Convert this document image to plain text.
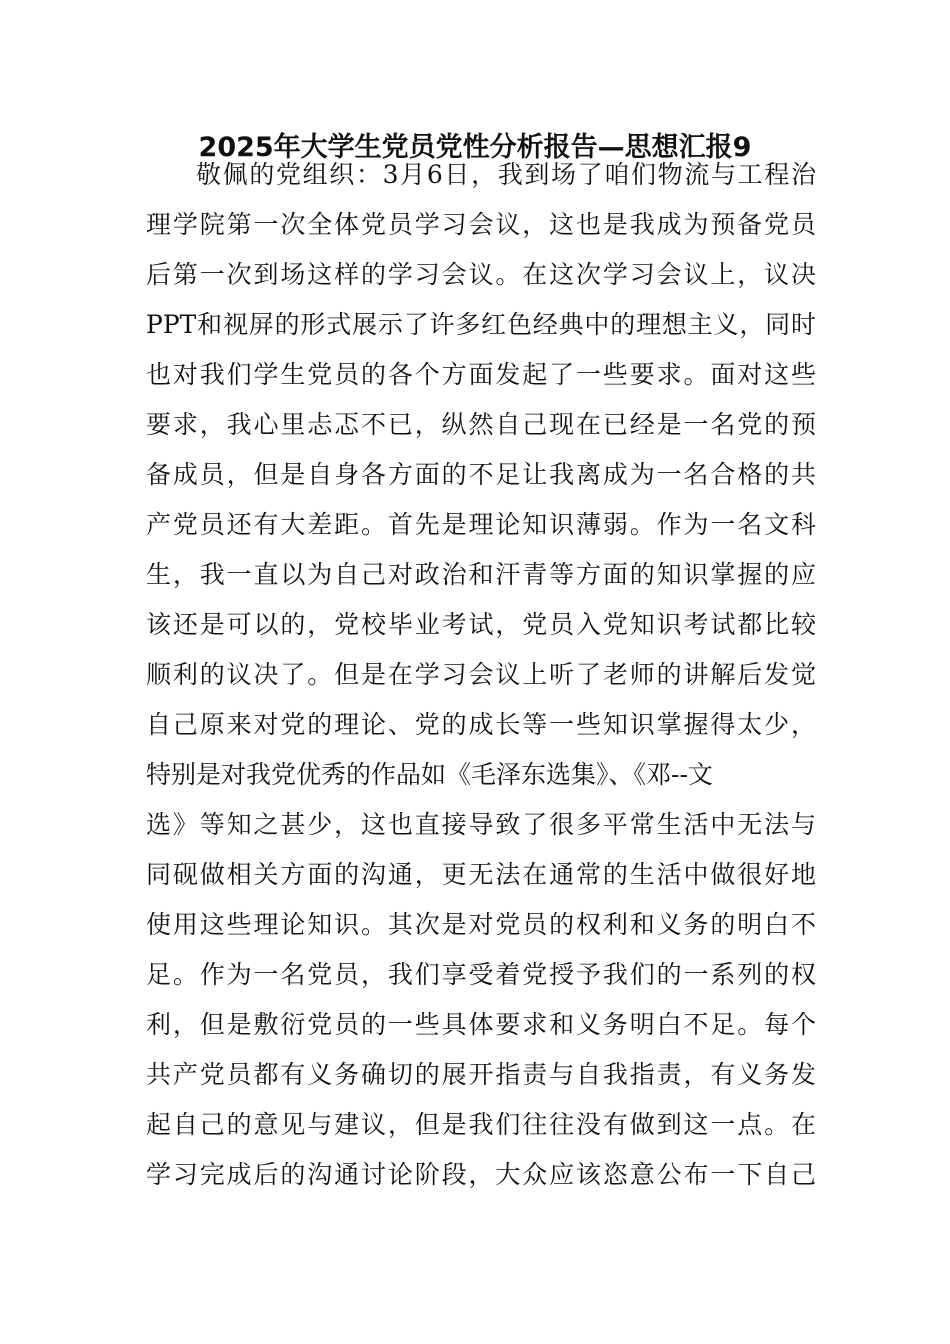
2025年大学生党员党性分析报告—思想汇报9
敬佩的党组织：3月6日，我到场了咱们物流与工程治
理学院第一次全体党员学习会议，这也是我成为预备党员
后第一次到场这样的学习会议。在这次学习会议上，议决
PPT和视屏的形式展示了许多红色经典中的理想主义，同时
也对我们学生党员的各个方面发起了一些要求。面对这些
要求，我心里忐忑不已，纵然自己现在已经是一名党的预
备成员，但是自身各方面的不足让我离成为一名合格的共
产党员还有大差距。首先是理论知识薄弱。作为一名文科
生，我一直以为自己对政治和汗青等方面的知识掌握的应
该还是可以的，党校毕业考试，党员入党知识考试都比较
顺利的议决了。但是在学习会议上听了老师的讲解后发觉
自己原来对党的理论、党的成长等一些知识掌握得太少，
特别是对我党优秀的作品如《毛泽东选集》、《邓--文
选》等知之甚少，这也直接导致了很多平常生活中无法与
同砚做相关方面的沟通，更无法在通常的生活中做很好地
使用这些理论知识。其次是对党员的权利和义务的明白不
足。作为一名党员，我们享受着党授予我们的一系列的权
利，但是敷衍党员的一些具体要求和义务明白不足。每个
共产党员都有义务确切的展开指责与自我指责，有义务发
起自己的意见与建议，但是我们往往没有做到这一点。在
学习完成后的沟通讨论阶段，大众应该恣意公布一下自己
